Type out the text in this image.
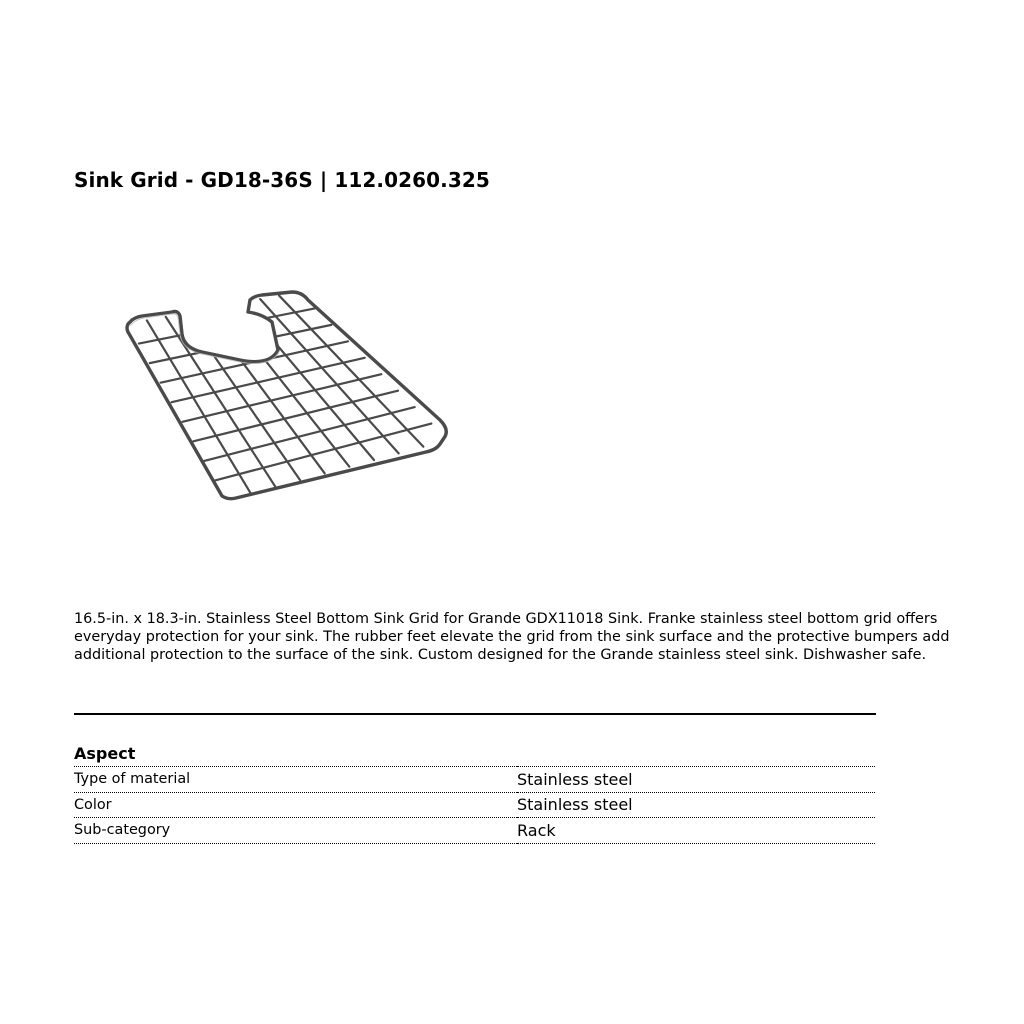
Sink Grid - GD18-36S | 112.0260.325

16.5-in. x 18.3-in. Stainless Steel Bottom Sink Grid for Grande GDX11018 Sink. Franke stainless steel bottom grid offers everyday protection for your sink. The rubber feet elevate the grid from the sink surface and the protective bumpers add additional protection to the surface of the sink. Custom designed for the Grande stainless steel sink. Dishwasher safe.

Aspect
Type of material	Stainless steel
Color	Stainless steel
Sub-category	Rack
